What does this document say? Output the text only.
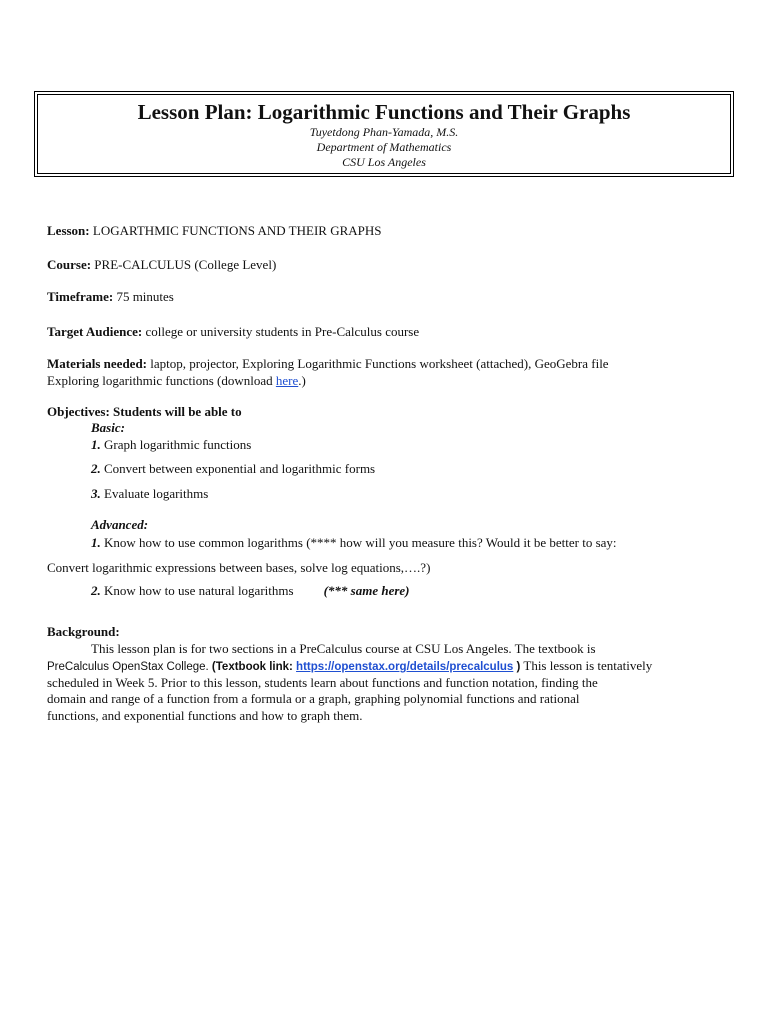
Lesson Plan: Logarithmic Functions and Their Graphs
Tuyetdong Phan-Yamada, M.S.
Department of Mathematics
CSU Los Angeles
Lesson: LOGARTHMIC FUNCTIONS AND THEIR GRAPHS
Course: PRE-CALCULUS (College Level)
Timeframe: 75 minutes
Target Audience: college or university students in Pre-Calculus course
Materials needed: laptop, projector, Exploring Logarithmic Functions worksheet (attached), GeoGebra file
Exploring logarithmic functions (download here.)
Objectives: Students will be able to
Basic:
1. Graph logarithmic functions
2. Convert between exponential and logarithmic forms
3. Evaluate logarithms
Advanced:
1. Know how to use common logarithms (**** how will you measure this? Would it be better to say:
Convert logarithmic expressions between bases, solve log equations,….?)
2. Know how to use natural logarithms (*** same here)
Background:
This lesson plan is for two sections in a PreCalculus course at CSU Los Angeles. The textbook is
PreCalculus OpenStax College. (Textbook link: https://openstax.org/details/precalculus ) This lesson is tentatively
scheduled in Week 5. Prior to this lesson, students learn about functions and function notation, finding the
domain and range of a function from a formula or a graph, graphing polynomial functions and rational
functions, and exponential functions and how to graph them.
